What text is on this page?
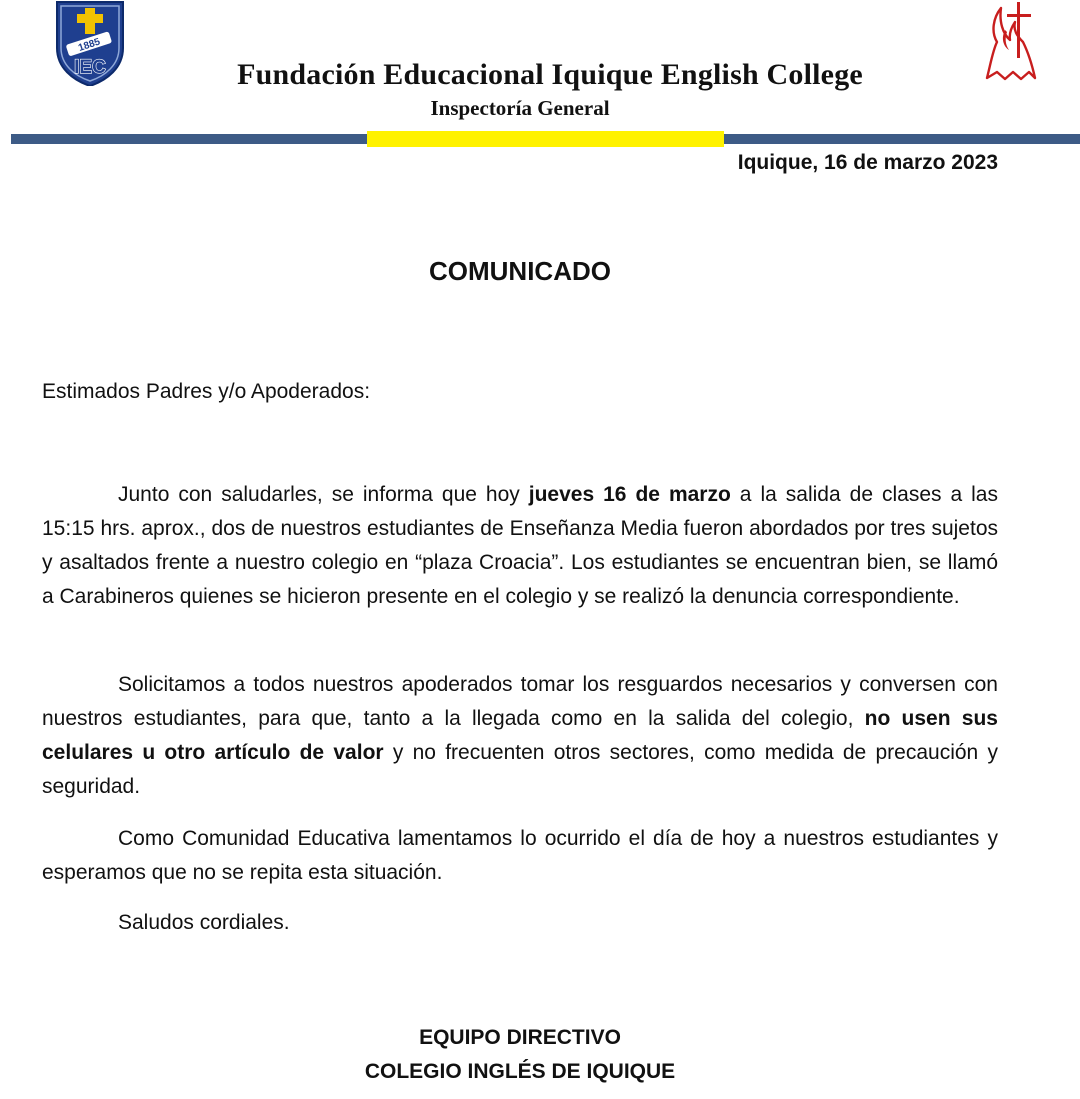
1885
IEC	Fundación Educacional Iquique English College
Inspectoría General
Iquique, 16 de marzo 2023
COMUNICADO
Estimados Padres y/o Apoderados:
Junto con saludarles, se informa que hoy jueves 16 de marzo a la salida de clases a las 15:15 hrs. aprox., dos de nuestros estudiantes de Enseñanza Media fueron abordados por tres sujetos y asaltados frente a nuestro colegio en “plaza Croacia”. Los estudiantes se encuentran bien, se llamó a Carabineros quienes se hicieron presente en el colegio y se realizó la denuncia correspondiente.
Solicitamos a todos nuestros apoderados tomar los resguardos necesarios y conversen con nuestros estudiantes, para que, tanto a la llegada como en la salida del colegio, no usen sus celulares u otro artículo de valor y no frecuenten otros sectores, como medida de precaución y seguridad.
Como Comunidad Educativa lamentamos lo ocurrido el día de hoy a nuestros estudiantes y esperamos que no se repita esta situación.
Saludos cordiales.
EQUIPO DIRECTIVO
COLEGIO INGLÉS DE IQUIQUE
